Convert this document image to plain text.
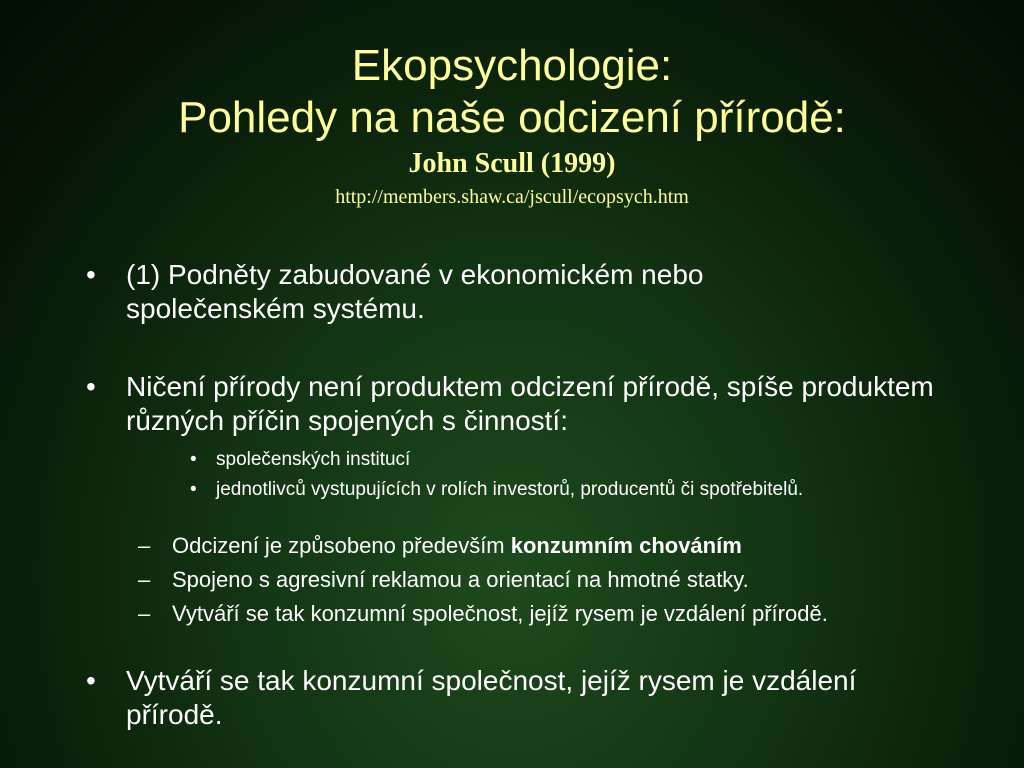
Ekopsychologie:
Pohledy na naše odcizení přírodě:
John Scull (1999)
http://members.shaw.ca/jscull/ecopsych.htm
• (1) Podněty zabudované v ekonomickém nebo společenském systému.
• Ničení přírody není produktem odcizení přírodě, spíše produktem různých příčin spojených s činností:
• společenských institucí
• jednotlivců vystupujících v rolích investorů, producentů či spotřebitelů.
– Odcizení je způsobeno především konzumním chováním
– Spojeno s agresivní reklamou a orientací na hmotné statky.
– Vytváří se tak konzumní společnost, jejíž rysem je vzdálení přírodě.
• Vytváří se tak konzumní společnost, jejíž rysem je vzdálení přírodě.
